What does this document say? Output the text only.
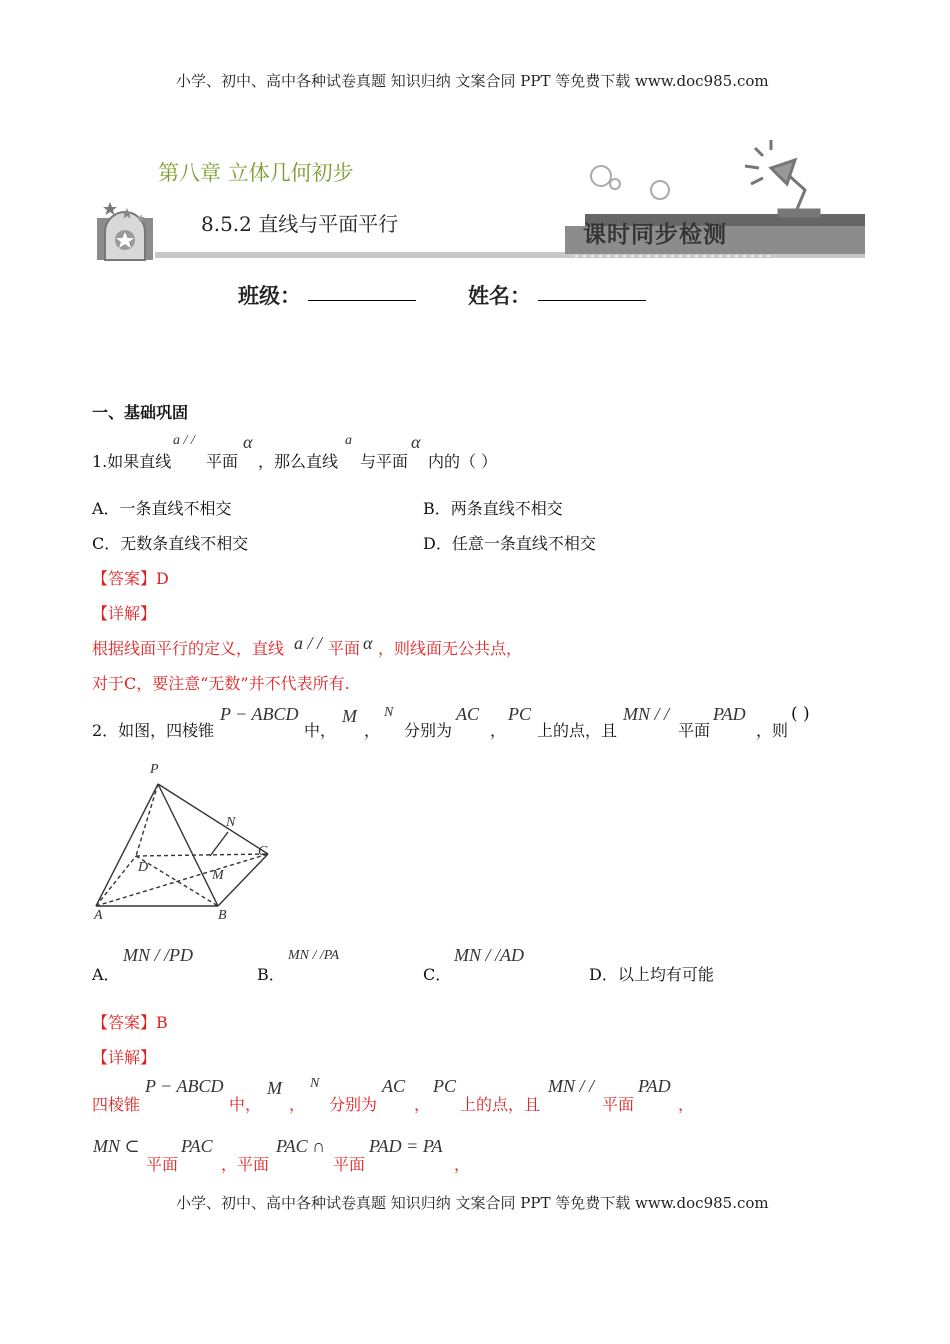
小学、初中、高中各种试卷真题 知识归纳 文案合同 PPT 等免费下载 www.doc985.com
第八章 立体几何初步
8.5.2 直线与平面平行	课时同步检测
班级：	姓名：
一、基础巩固
1.如果直线
a / /
平面
α
，那么直线
a
与平面
α
内的（ ）
A．一条直线不相交	B．两条直线不相交
C．无数条直线不相交	D．任意一条直线不相交
【答案】D
【详解】
根据线面平行的定义，直线 a / / 平面 α ，则线面无公共点，
对于C，要注意“无数”并不代表所有.
2．如图，四棱锥
P − ABCD
中，
M
，
N
分别为
AC
，
PC
上的点，且
MN / /
平面
PAD
，则
( )
P
N
C
D
M
A	B
A．
MN / /PD
B．
MN / /PA
C．
MN / /AD
D．以上均有可能
【答案】B
【详解】
四棱锥
P − ABCD
中，
M
，
N
分别为
AC
，
PC
上的点，且
MN / /
平面
PAD
，
MN ⊂
平面
PAC
，平面
PAC ∩
平面
PAD = PA
，
小学、初中、高中各种试卷真题 知识归纳 文案合同 PPT 等免费下载 www.doc985.com
